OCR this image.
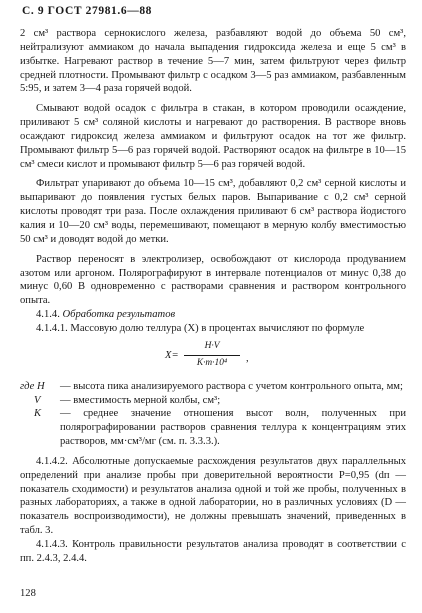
С. 9 ГОСТ 27981.6—88

2 см³ раствора сернокислого железа, разбавляют водой до объема 50 см³, нейтрализуют аммиаком до начала выпадения гидроксида железа и еще 5 см³ в избытке. Нагревают раствор в течение 5—7 мин, затем фильтруют через фильтр средней плотности. Промывают фильтр с осадком 3—5 раз аммиаком, разбавленным 5:95, и затем 3—4 раза горячей водой.

Смывают водой осадок с фильтра в стакан, в котором проводили осаждение, приливают 5 см³ соляной кислоты и нагревают до растворения. В растворе вновь осаждают гидроксид железа аммиаком и фильтруют осадок на тот же фильтр. Промывают фильтр 5—6 раз горячей водой. Растворяют осадок на фильтре в 10—15 см³ смеси кислот и промывают фильтр 5—6 раз горячей водой.

Фильтрат упаривают до объема 10—15 см³, добавляют 0,2 см³ серной кислоты и выпаривают до появления густых белых паров. Выпаривание с 0,2 см³ серной кислоты проводят три раза. После охлаждения приливают 6 см³ раствора йодистого калия и 10—20 см³ воды, перемешивают, помещают в мерную колбу вместимостью 50 см³ и доводят водой до метки.

Раствор переносят в электролизер, освобождают от кислорода продуванием азотом или аргоном. Полярографируют в интервале потенциалов от минус 0,38 до минус 0,60 В одновременно с растворами сравнения и раствором контрольного опыта.

4.1.4. Обработка результатов

4.1.4.1. Массовую долю теллура (X) в процентах вычисляют по формуле

$X= \frac{H\cdot V}{\text{K·m·10⁴}}$ ,
где H	— высота пика анализируемого раствора с учетом контрольного опыта, мм;
V	— вместимость мерной колбы, см³;
K	— среднее значение отношения высот волн, полученных при полярографировании растворов сравнения теллура к концентрациям этих растворов, мм·см³/мг (см. п. 3.3.3.).

4.1.4.2. Абсолютные допускаемые расхождения результатов двух параллельных определений при анализе пробы при доверительной вероятности P=0,95 (dп — показатель сходимости) и результатов анализа одной и той же пробы, полученных в разных лабораториях, а также в одной лаборатории, но в различных условиях (D — показатель воспроизводимости), не должны превышать значений, приведенных в табл. 3.

4.1.4.3. Контроль правильности результатов анализа проводят в соответствии с пп. 2.4.3, 2.4.4.

128
